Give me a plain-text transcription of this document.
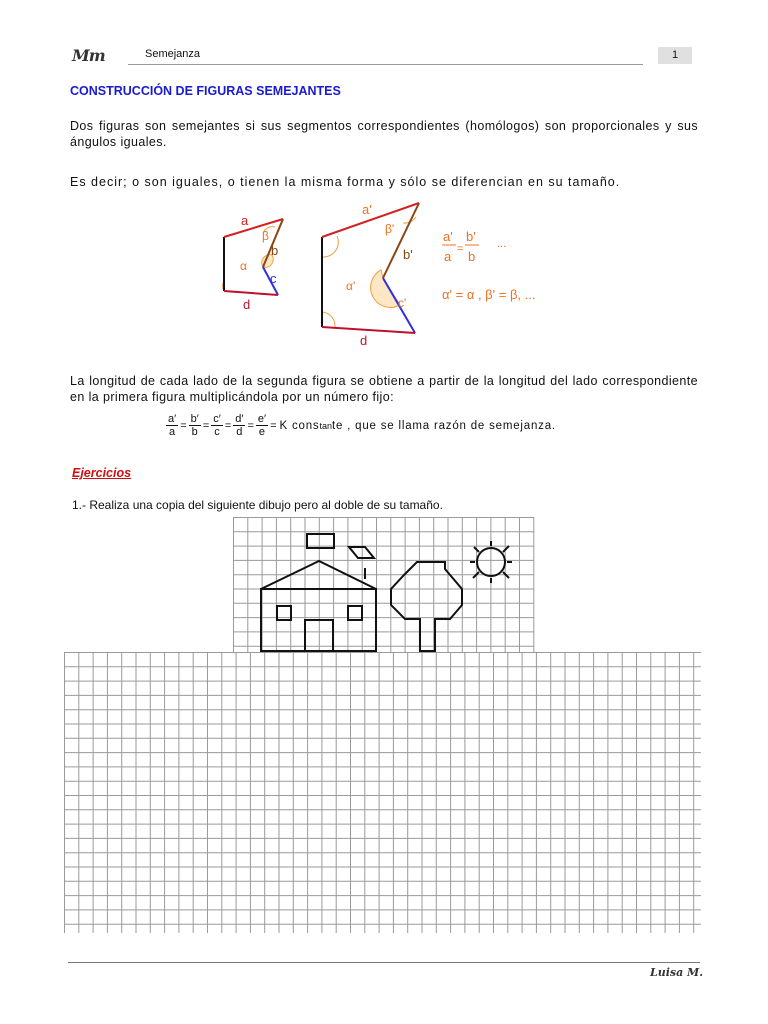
Mm	Semejanza	1
CONSTRUCCIÓN DE FIGURAS SEMEJANTES
Dos figuras son semejantes si sus segmentos correspondientes (homólogos) son proporcionales y sus ángulos iguales.
Es decir; o son iguales, o tienen la misma forma y sólo se diferencian en su tamaño.
a
β
b
α
c
d
a'
β'
b'
α'
c'
d
a'
a =
b'
b
...
α' = α , β' = β, ...
La longitud de cada lado de la segunda figura se obtiene a partir de la longitud del lado correspondiente en la primera figura multiplicándola por un número fijo:
$\frac{a'}{a} = \frac{b'}{b} = \frac{c'}{c} = \frac{d'}{d} = \frac{e'}{e} = K$ constante , que se llama razón de semejanza.
Ejercicios
1.- Realiza una copia del siguiente dibujo pero al doble de su tamaño.
Luisa M.
